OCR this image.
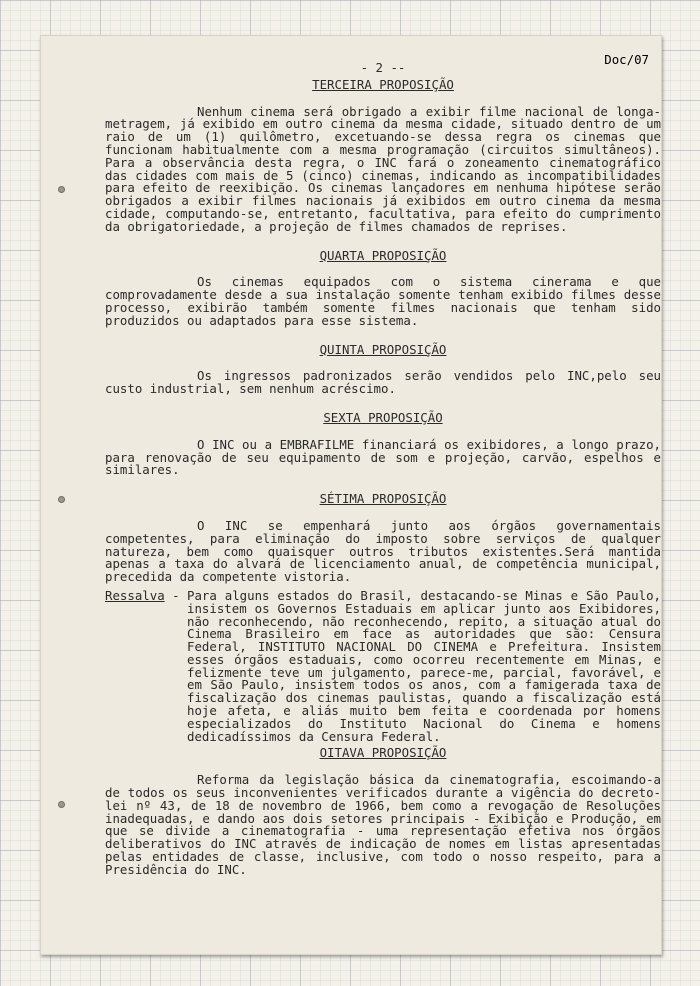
Doc/07
- 2 --
TERCEIRA PROPOSIÇÃO

Nenhum cinema será obrigado a exibir filme nacional de longa-metragem, já exibido em outro cinema da mesma cidade, situado dentro de um raio de um (1) quilômetro, excetuando-se dessa regra os cinemas que funcionam habitualmente com a mesma programação (circuitos simultâneos). Para a observância desta regra, o INC fará o zoneamento cinematográfico das cidades com mais de 5 (cinco) cinemas, indicando as incompatibilidades para efeito de reexibição. Os cinemas lançadores em nenhuma hipótese serão obrigados a exibir filmes nacionais já exibidos em outro cinema da mesma cidade, computando-se, entretanto, facultativa, para efeito do cumprimento da obrigatoriedade, a projeção de filmes chamados de reprises.

QUARTA PROPOSIÇÃO

Os cinemas equipados com o sistema cinerama e que comprovadamente desde a sua instalação somente tenham exibido filmes desse processo, exibirão também somente filmes nacionais que tenham sido produzidos ou adaptados para esse sistema.

QUINTA PROPOSIÇÃO

Os ingressos padronizados serão vendidos pelo INC,pelo seu custo industrial, sem nenhum acréscimo.

SEXTA PROPOSIÇÃO

O INC ou a EMBRAFILME financiará os exibidores, a longo prazo, para renovação de seu equipamento de som e projeção, carvão, espelhos e similares.

SÉTIMA PROPOSIÇÃO

O INC se empenhará junto aos órgãos governamentais competentes, para eliminação do imposto sobre serviços de qualquer natureza, bem como quaisquer outros tributos existentes.Será mantida apenas a taxa do alvará de licenciamento anual, de competência municipal, precedida da competente vistoria.

Ressalva - Para alguns estados do Brasil, destacando-se Minas e São Paulo, insistem os Governos Estaduais em aplicar junto aos Exibidores, não reconhecendo, não reconhecendo, repito, a situação atual do Cinema Brasileiro em face as autoridades que são: Censura Federal, INSTITUTO NACIONAL DO CINEMA e Prefeitura. Insistem esses órgãos estaduais, como ocorreu recentemente em Minas, e felizmente teve um julgamento, parece-me, parcial, favorável, e em São Paulo, insistem todos os anos, com a famigerada taxa de fiscalização dos cinemas paulistas, quando a fiscalização está hoje afeta, e aliás muito bem feita e coordenada por homens especializados do Instituto Nacional do Cinema e homens dedicadíssimos da Censura Federal.
OITAVA PROPOSIÇÃO

Reforma da legislação básica da cinematografia, escoimando-a de todos os seus inconvenientes verificados durante a vigência do decreto-lei nº 43, de 18 de novembro de 1966, bem como a revogação de Resoluções inadequadas, e dando aos dois setores principais - Exibição e Produção, em que se divide a cinematografia - uma representação efetiva nos órgãos deliberativos do INC através de indicação de nomes em listas apresentadas pelas entidades de classe, inclusive, com todo o nosso respeito, para a Presidência do INC.
